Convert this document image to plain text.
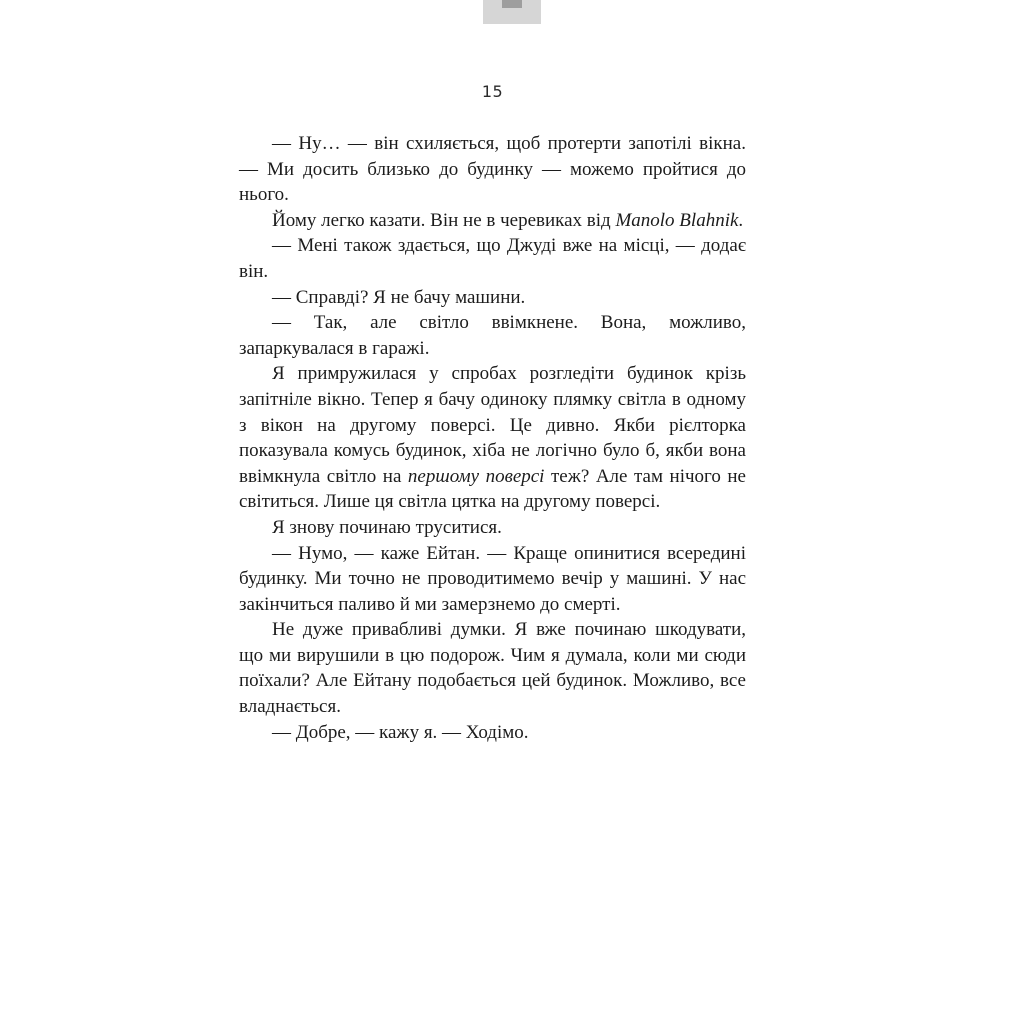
15

— Ну… — він схиляється, щоб протерти запотілі вікна. — Ми досить близько до будинку — можемо пройтися до нього.

Йому легко казати. Він не в черевиках від Manolo Blahnik.

— Мені також здається, що Джуді вже на місці, — додає він.

— Справді? Я не бачу машини.

— Так, але світло ввімкнене. Вона, можливо, запаркувалася в гаражі.

Я примружилася у спробах розгледіти будинок крізь запітніле вікно. Тепер я бачу одиноку плямку світла в одному з вікон на другому поверсі. Це дивно. Якби рієлторка показувала комусь будинок, хіба не логічно було б, якби вона ввімкнула світло на першому поверсі теж? Але там нічого не світиться. Лише ця світла цятка на другому поверсі.

Я знову починаю труситися.

— Нумо, — каже Ейтан. — Краще опинитися всередині будинку. Ми точно не проводитимемо вечір у машині. У нас закінчиться паливо й ми замерзнемо до смерті.

Не дуже привабливі думки. Я вже починаю шкодувати, що ми вирушили в цю подорож. Чим я думала, коли ми сюди поїхали? Але Ейтану подобається цей будинок. Можливо, все владнається.

— Добре, — кажу я. — Ходімо.
